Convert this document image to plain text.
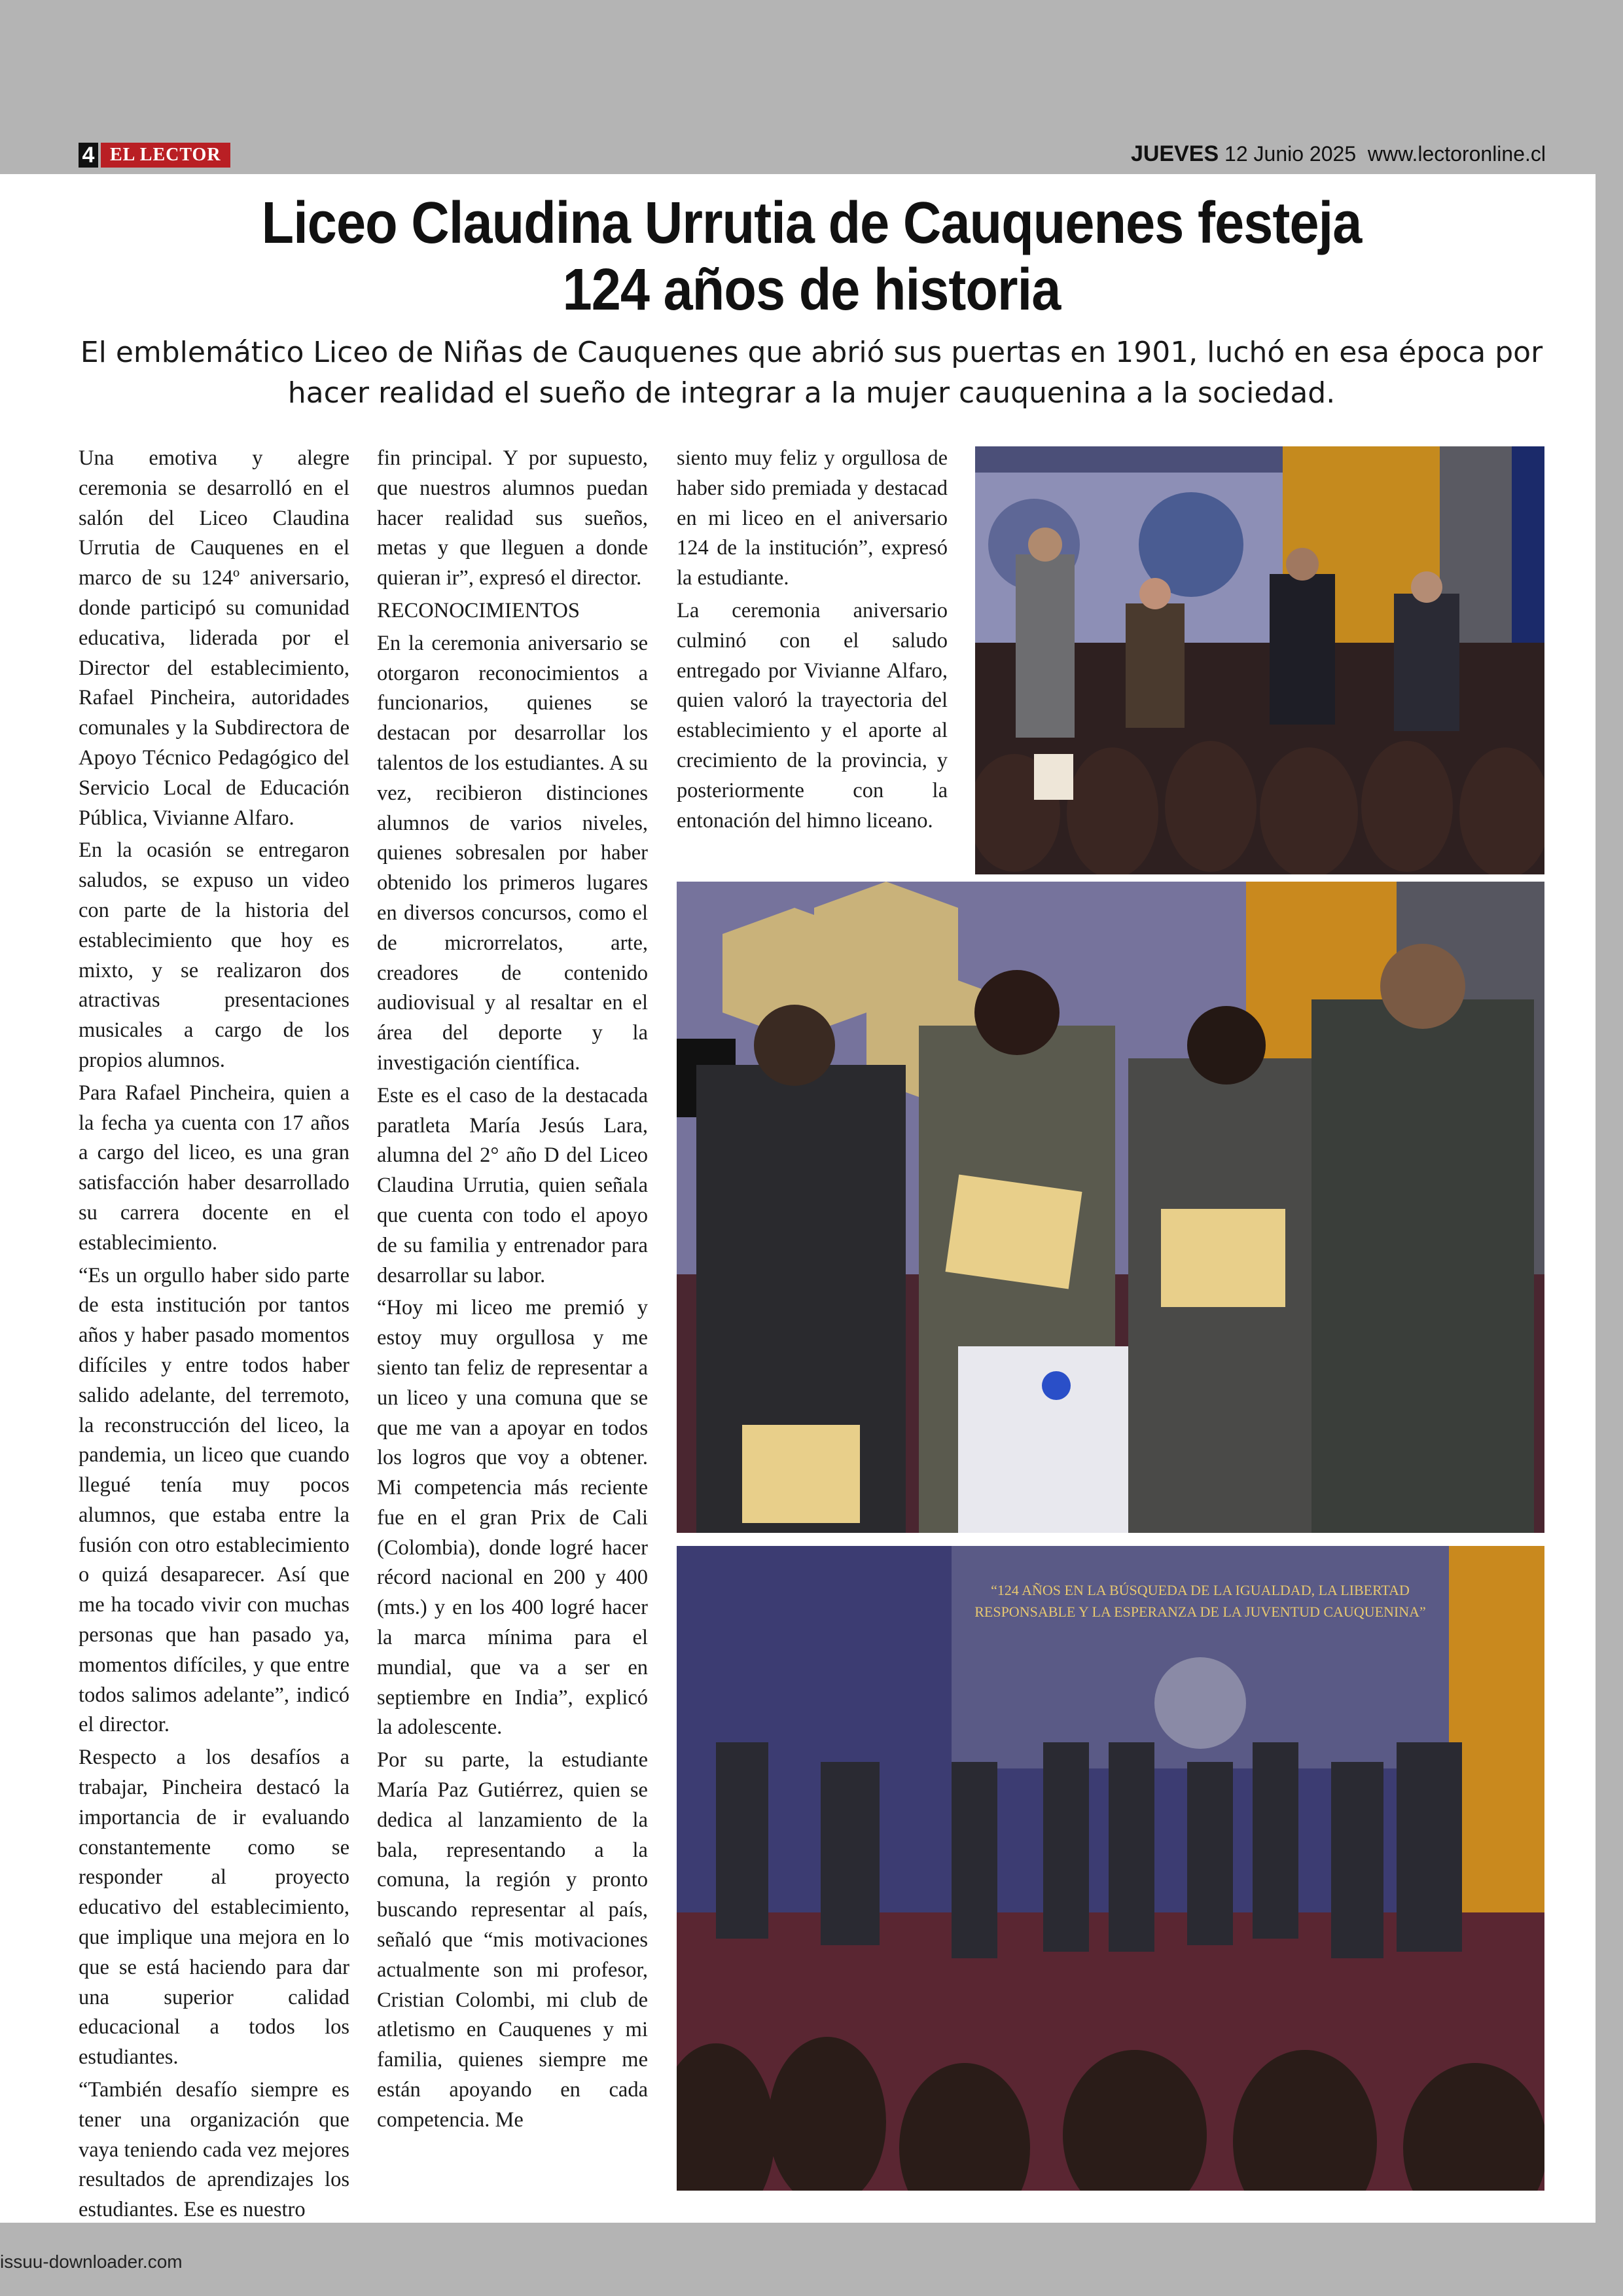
4 EL LECTOR	JUEVES 12 Junio 2025 www.lectoronline.cl
Liceo Claudina Urrutia de Cauquenes festeja
124 años de historia
El emblemático Liceo de Niñas de Cauquenes que abrió sus puertas en 1901, luchó en esa época por hacer realidad el sueño de integrar a la mujer cauquenina a la sociedad.

Una emotiva y alegre ceremonia se desarrolló en el salón del Liceo Claudina Urrutia de Cauquenes en el marco de su 124º aniversario, donde participó su comunidad educativa, liderada por el Director del establecimiento, Rafael Pincheira, autoridades comunales y la Subdirectora de Apoyo Técnico Pedagógico del Servicio Local de Educación Pública, Vivianne Alfaro.

En la ocasión se entregaron saludos, se expuso un video con parte de la historia del establecimiento que hoy es mixto, y se realizaron dos atractivas presentaciones musicales a cargo de los propios alumnos.

Para Rafael Pincheira, quien a la fecha ya cuenta con 17 años a cargo del liceo, es una gran satisfacción haber desarrollado su carrera docente en el establecimiento.

“Es un orgullo haber sido parte de esta institución por tantos años y haber pasado momentos difíciles y entre todos haber salido adelante, del terremoto, la reconstrucción del liceo, la pandemia, un liceo que cuando llegué tenía muy pocos alumnos, que estaba entre la fusión con otro establecimiento o quizá desaparecer. Así que me ha tocado vivir con muchas personas que han pasado ya, momentos difíciles, y que entre todos salimos adelante”, indicó el director.

Respecto a los desafíos a trabajar, Pincheira destacó la importancia de ir evaluando constantemente como se responder al proyecto educativo del establecimiento, que implique una mejora en lo que se está haciendo para dar una superior calidad educacional a todos los estudiantes.

“También desafío siempre es tener una organización que vaya teniendo cada vez mejores resultados de aprendizajes los estudiantes. Ese es nuestro

fin principal. Y por supuesto, que nuestros alumnos puedan hacer realidad sus sueños, metas y que lleguen a donde quieran ir”, expresó el director.

RECONOCIMIENTOS

En la ceremonia aniversario se otorgaron reconocimientos a funcionarios, quienes se destacan por desarrollar los talentos de los estudiantes. A su vez, recibieron distinciones alumnos de varios niveles, quienes sobresalen por haber obtenido los primeros lugares en diversos concursos, como el de microrrelatos, arte, creadores de contenido audiovisual y al resaltar en el área del deporte y la investigación científica.

Este es el caso de la destacada paratleta María Jesús Lara, alumna del 2° año D del Liceo Claudina Urrutia, quien señala que cuenta con todo el apoyo de su familia y entrenador para desarrollar su labor.

“Hoy mi liceo me premió y estoy muy orgullosa y me siento tan feliz de representar a un liceo y una comuna que se que me van a apoyar en todos los logros que voy a obtener. Mi competencia más reciente fue en el gran Prix de Cali (Colombia), donde logré hacer récord nacional en 200 y 400 (mts.) y en los 400 logré hacer la marca mínima para el mundial, que va a ser en septiembre en India”, explicó la adolescente.

Por su parte, la estudiante María Paz Gutiérrez, quien se dedica al lanzamiento de la bala, representando a la comuna, la región y pronto buscando representar al país, señaló que “mis motivaciones actualmente son mi profesor, Cristian Colombi, mi club de atletismo en Cauquenes y mi familia, quienes siempre me están apoyando en cada competencia. Me

siento muy feliz y orgullosa de haber sido premiada y destacad en mi liceo en el aniversario 124 de la institución”, expresó la estudiante.

La ceremonia aniversario culminó con el saludo entregado por Vivianne Alfaro, quien valoró la trayectoria del establecimiento y el aporte al crecimiento de la provincia, y posteriormente con la entonación del himno liceano.

“124 AÑOS EN LA BÚSQUEDA DE LA IGUALDAD, LA LIBERTAD
RESPONSABLE Y LA ESPERANZA DE LA JUVENTUD CAUQUENINA”
issuu-downloader.com
